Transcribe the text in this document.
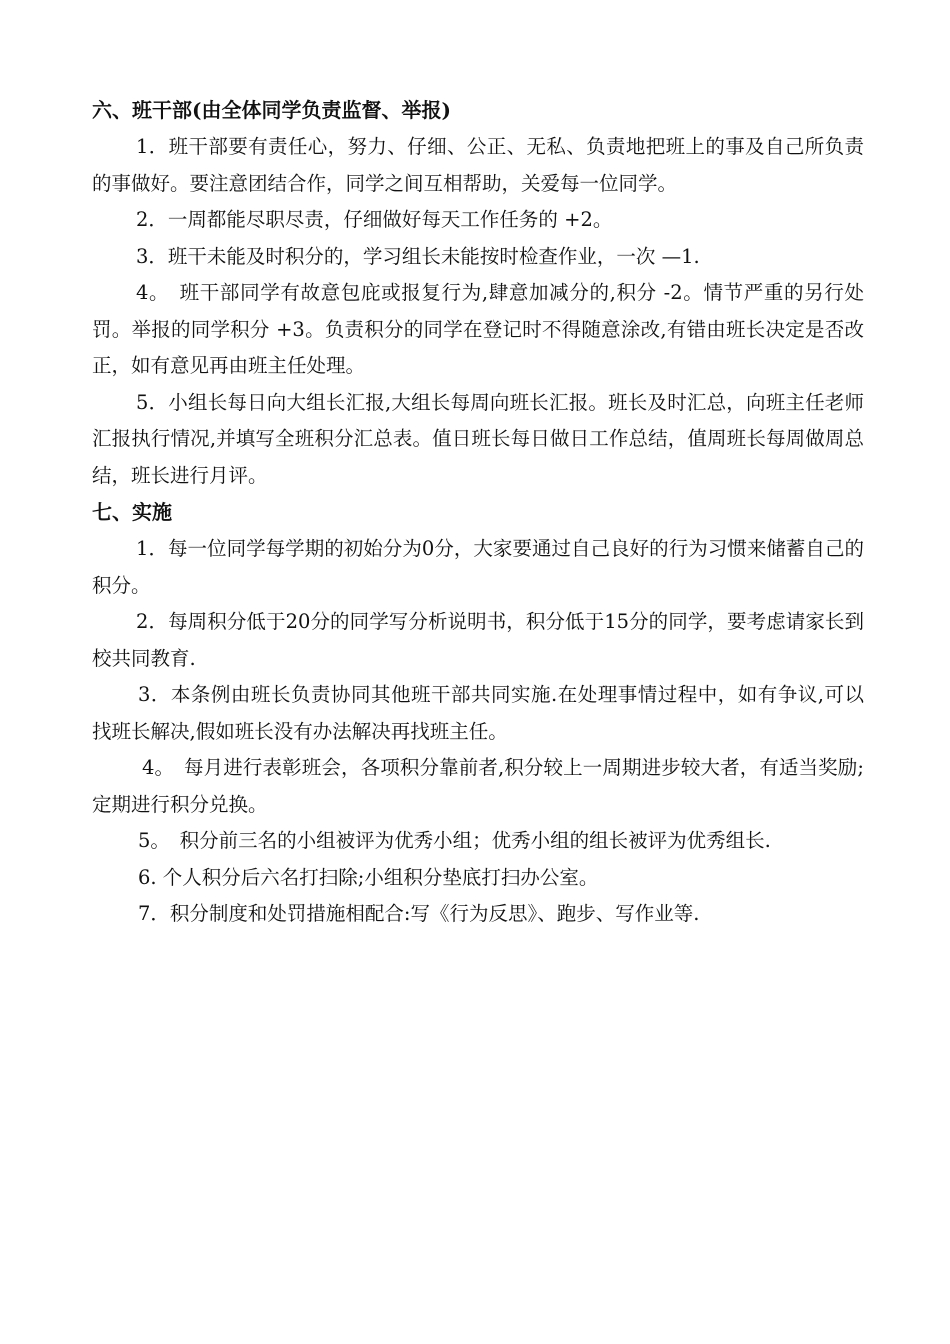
六、班干部(由全体同学负责监督、举报)

1．班干部要有责任心，努力、仔细、公正、无私、负责地把班上的事及自己所负责的事做好。要注意团结合作，同学之间互相帮助，关爱每一位同学。

2．一周都能尽职尽责，仔细做好每天工作任务的 +2。

3．班干未能及时积分的，学习组长未能按时检查作业，一次 —1.

4。　班干部同学有故意包庇或报复行为,肆意加减分的,积分 -2。情节严重的另行处罚。举报的同学积分 +3。负责积分的同学在登记时不得随意涂改,有错由班长决定是否改正，如有意见再由班主任处理。

5．小组长每日向大组长汇报,大组长每周向班长汇报。班长及时汇总，向班主任老师汇报执行情况,并填写全班积分汇总表。值日班长每日做日工作总结，值周班长每周做周总结，班长进行月评。

七、实施

1．每一位同学每学期的初始分为0分，大家要通过自己良好的行为习惯来储蓄自己的积分。

2．每周积分低于20分的同学写分析说明书，积分低于15分的同学，要考虑请家长到校共同教育.

3．本条例由班长负责协同其他班干部共同实施.在处理事情过程中，如有争议,可以找班长解决,假如班长没有办法解决再找班主任。

4。　每月进行表彰班会，各项积分靠前者,积分较上一周期进步较大者，有适当奖励;定期进行积分兑换。

5。　积分前三名的小组被评为优秀小组；优秀小组的组长被评为优秀组长.

6. 个人积分后六名打扫除;小组积分垫底打扫办公室。

7．积分制度和处罚措施相配合:写《行为反思》、跑步、写作业等.
